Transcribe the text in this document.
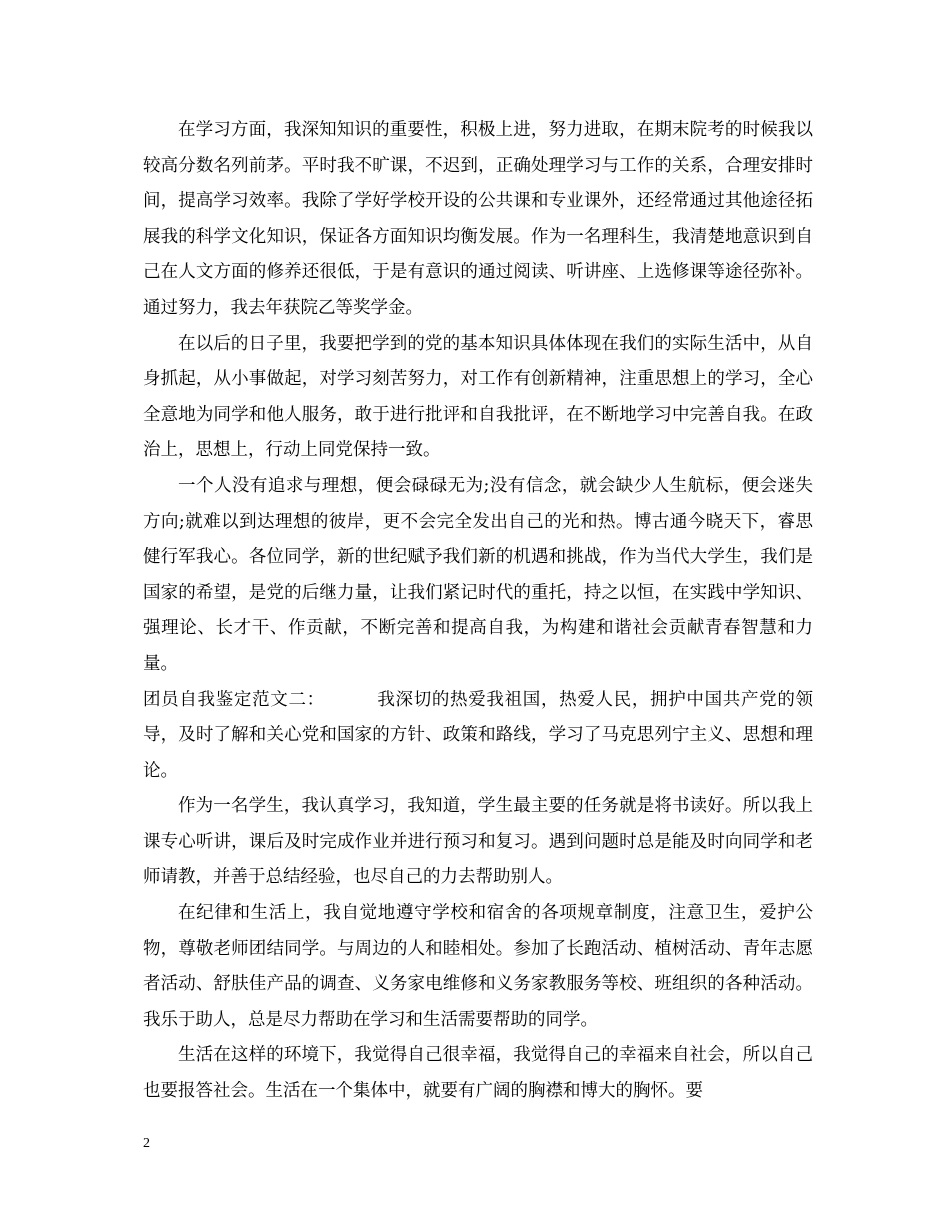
在学习方面，我深知知识的重要性，积极上进，努力进取，在期末院考的时候我以较高分数名列前茅。平时我不旷课，不迟到，正确处理学习与工作的关系，合理安排时间，提高学习效率。我除了学好学校开设的公共课和专业课外，还经常通过其他途径拓展我的科学文化知识，保证各方面知识均衡发展。作为一名理科生，我清楚地意识到自己在人文方面的修养还很低，于是有意识的通过阅读、听讲座、上选修课等途径弥补。通过努力，我去年获院乙等奖学金。

在以后的日子里，我要把学到的党的基本知识具体体现在我们的实际生活中，从自身抓起，从小事做起，对学习刻苦努力，对工作有创新精神，注重思想上的学习，全心全意地为同学和他人服务，敢于进行批评和自我批评，在不断地学习中完善自我。在政治上，思想上，行动上同党保持一致。

一个人没有追求与理想，便会碌碌无为;没有信念，就会缺少人生航标，便会迷失方向;就难以到达理想的彼岸，更不会完全发出自己的光和热。博古通今晓天下，睿思健行军我心。各位同学，新的世纪赋予我们新的机遇和挑战，作为当代大学生，我们是国家的希望，是党的后继力量，让我们紧记时代的重托，持之以恒，在实践中学知识、强理论、长才干、作贡献，不断完善和提高自我，为构建和谐社会贡献青春智慧和力量。

团员自我鉴定范文二：	我深切的热爱我祖国，热爱人民，拥护中国共产党的领导，及时了解和关心党和国家的方针、政策和路线，学习了马克思列宁主义、思想和理论。

作为一名学生，我认真学习，我知道，学生最主要的任务就是将书读好。所以我上课专心听讲，课后及时完成作业并进行预习和复习。遇到问题时总是能及时向同学和老师请教，并善于总结经验，也尽自己的力去帮助别人。

在纪律和生活上，我自觉地遵守学校和宿舍的各项规章制度，注意卫生，爱护公物，尊敬老师团结同学。与周边的人和睦相处。参加了长跑活动、植树活动、青年志愿者活动、舒肤佳产品的调查、义务家电维修和义务家教服务等校、班组织的各种活动。我乐于助人，总是尽力帮助在学习和生活需要帮助的同学。

生活在这样的环境下，我觉得自己很幸福，我觉得自己的幸福来自社会，所以自己也要报答社会。生活在一个集体中，就要有广阔的胸襟和博大的胸怀。要

2
